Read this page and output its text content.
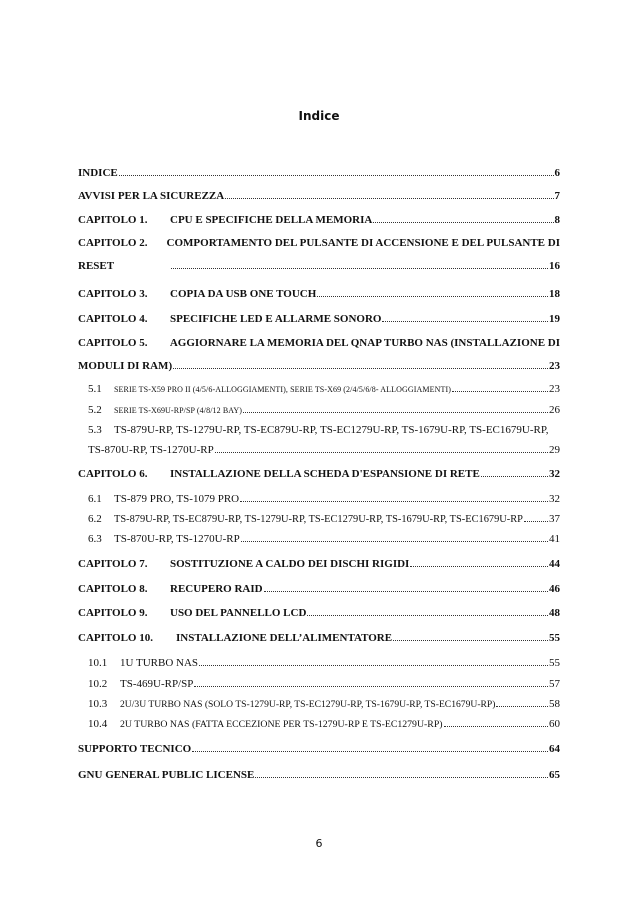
Indice
INDICE	6
AVVISI PER LA SICUREZZA	7
CAPITOLO 1.	CPU E SPECIFICHE DELLA MEMORIA	8
CAPITOLO 2.	COMPORTAMENTO DEL PULSANTE DI ACCENSIONE E DEL PULSANTE DI
RESET	16
CAPITOLO 3.	COPIA DA USB ONE TOUCH	18
CAPITOLO 4.	SPECIFICHE LED E ALLARME SONORO	19
CAPITOLO 5.	AGGIORNARE LA MEMORIA DEL QNAP TURBO NAS (INSTALLAZIONE DI
MODULI DI RAM)	23
5.1	SERIE TS-X59 PRO II (4/5/6-ALLOGGIAMENTI), SERIE TS-X69 (2/4/5/6/8- ALLOGGIAMENTI)	23
5.2	SERIE TS-X69U-RP/SP (4/8/12 BAY)	26
5.3	TS-879U-RP, TS-1279U-RP, TS-EC879U-RP, TS-EC1279U-RP, TS-1679U-RP, TS-EC1679U-RP,
TS-870U-RP, TS-1270U-RP	29
CAPITOLO 6.	INSTALLAZIONE DELLA SCHEDA D'ESPANSIONE DI RETE	32
6.1	TS-879 PRO, TS-1079 PRO	32
6.2	TS-879U-RP, TS-EC879U-RP, TS-1279U-RP, TS-EC1279U-RP, TS-1679U-RP, TS-EC1679U-RP 37
6.3	TS-870U-RP, TS-1270U-RP	41
CAPITOLO 7.	SOSTITUZIONE A CALDO DEI DISCHI RIGIDI	44
CAPITOLO 8.	RECUPERO RAID	46
CAPITOLO 9.	USO DEL PANNELLO LCD	48
CAPITOLO 10.	INSTALLAZIONE DELL’ALIMENTATORE	55
10.1	1U TURBO NAS	55
10.2	TS-469U-RP/SP	57
10.3	2U/3U TURBO NAS (SOLO TS-1279U-RP, TS-EC1279U-RP, TS-1679U-RP, TS-EC1679U-RP)	58
10.4	2U TURBO NAS (FATTA ECCEZIONE PER TS-1279U-RP E TS-EC1279U-RP)	60
SUPPORTO TECNICO	64
GNU GENERAL PUBLIC LICENSE	65
6
